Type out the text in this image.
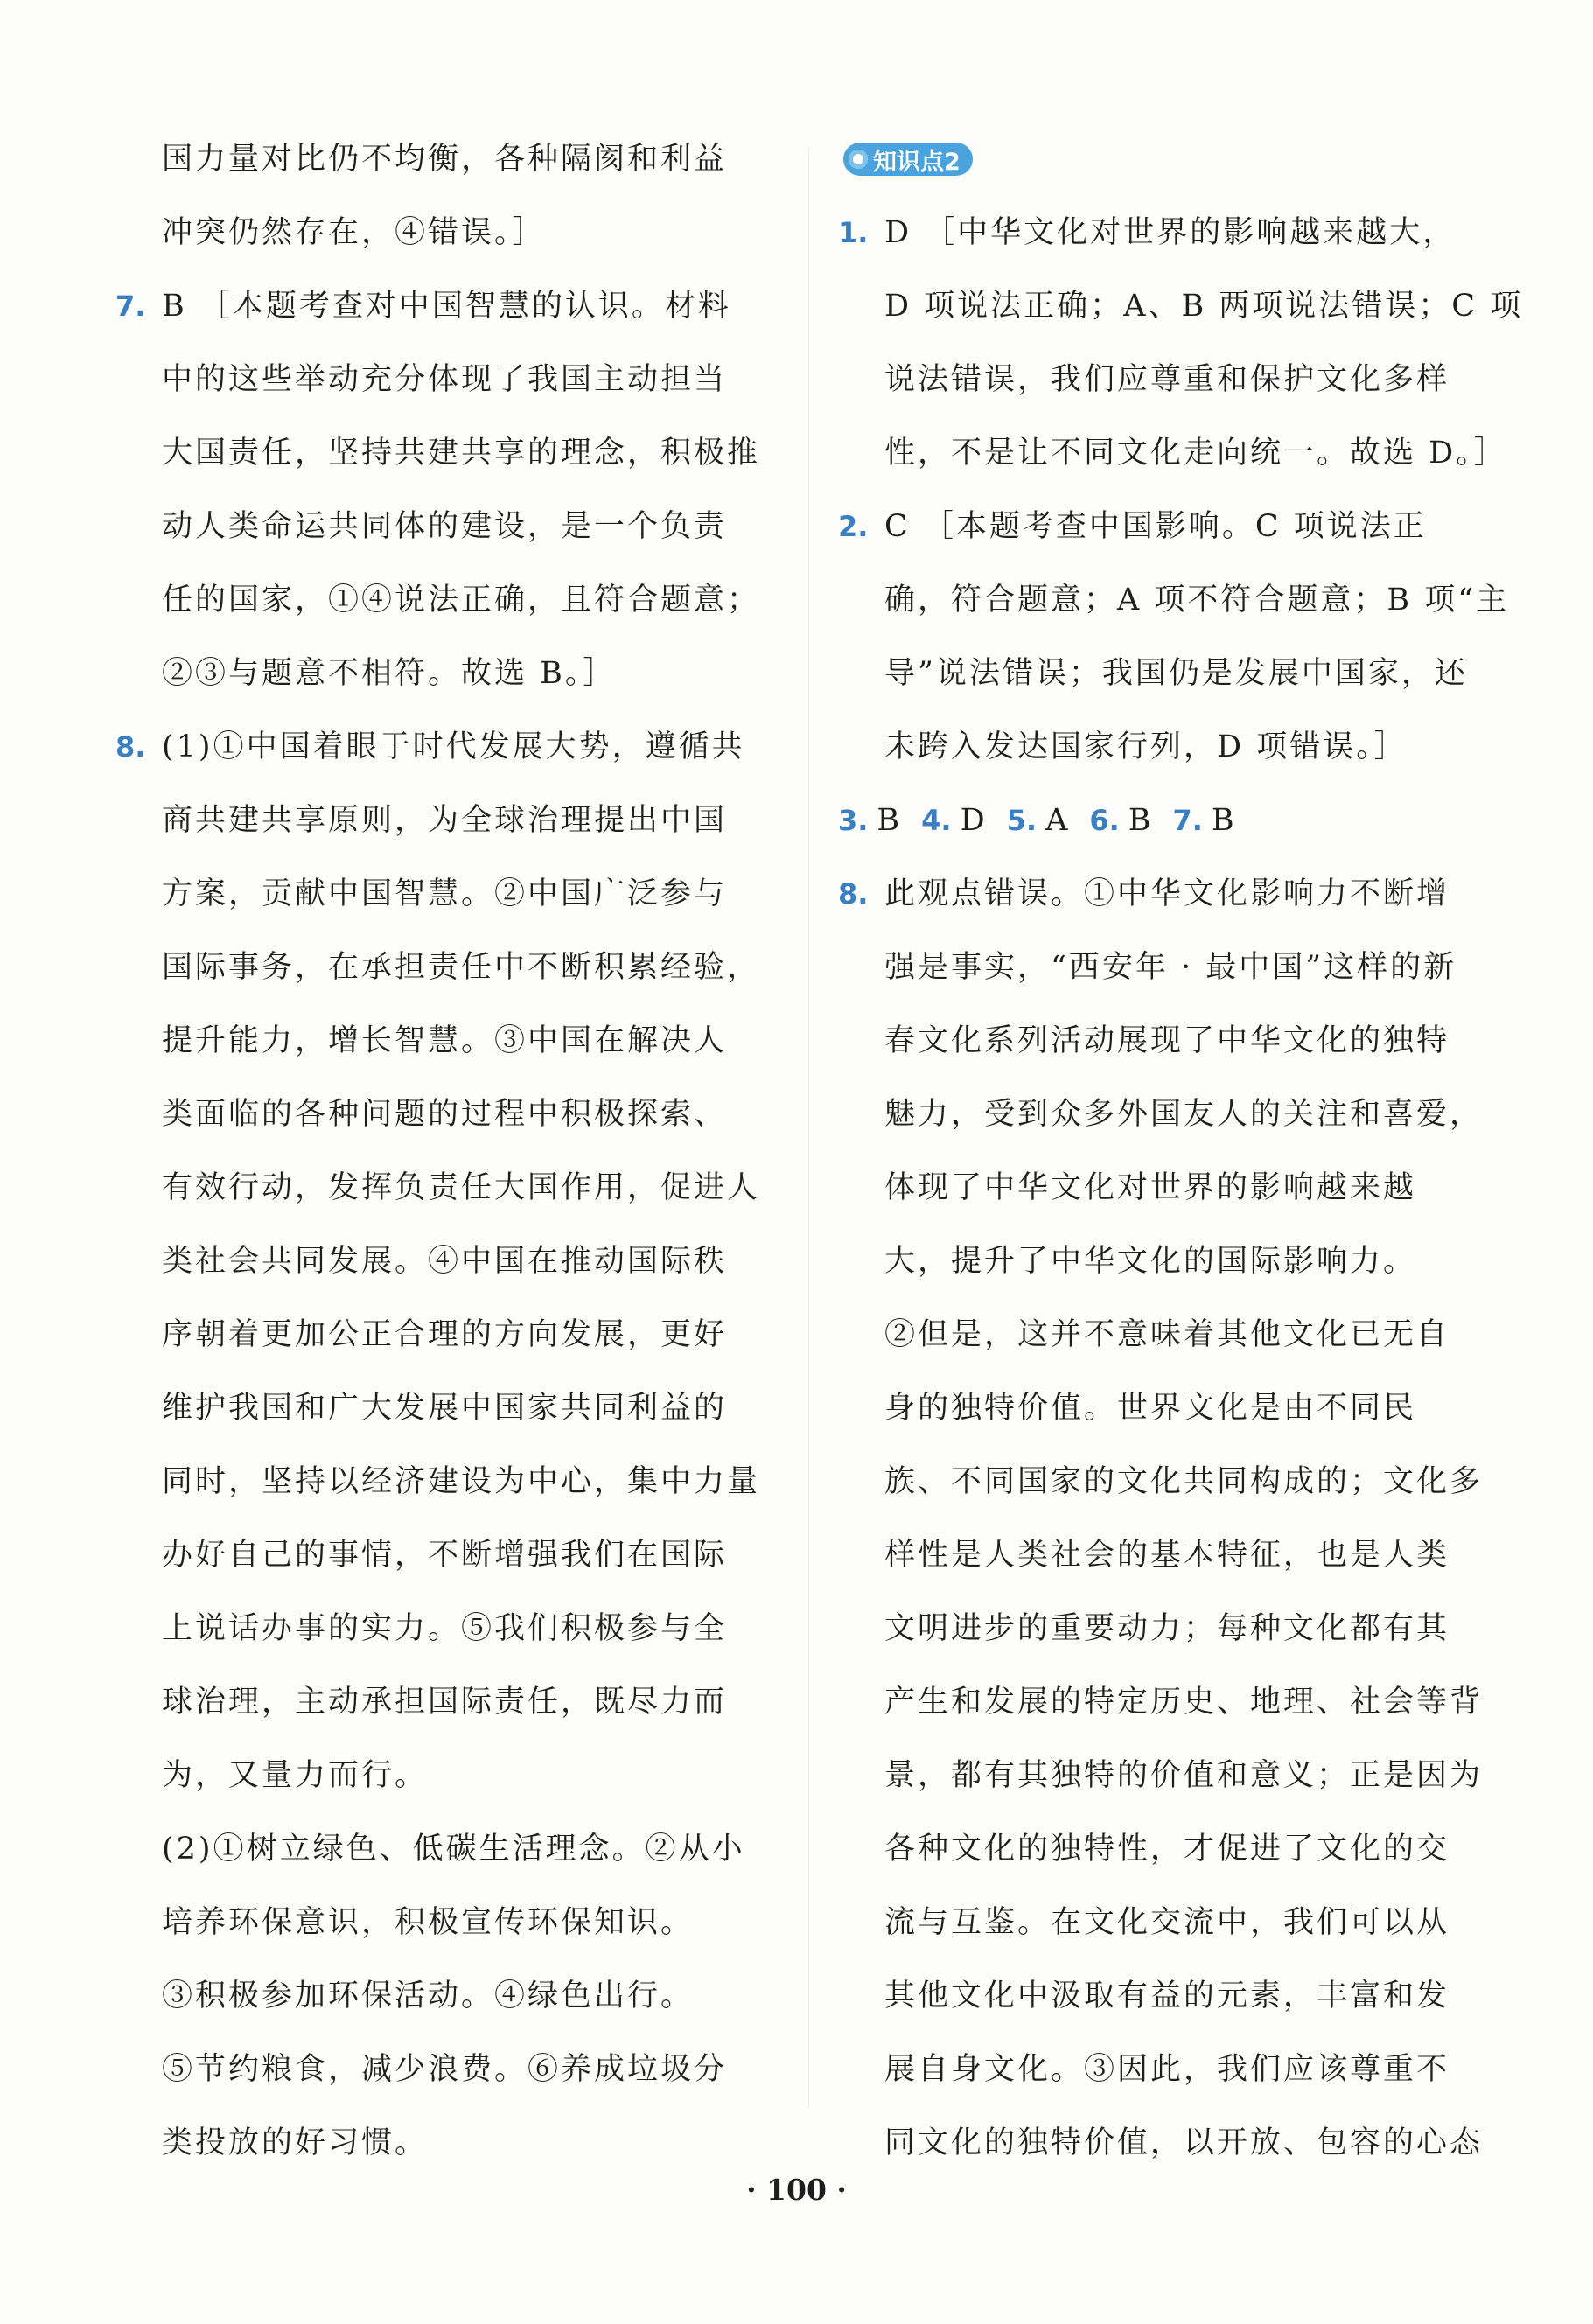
国力量对比仍不均衡，各种隔阂和利益
冲突仍然存在，④错误。］
7. B ［本题考查对中国智慧的认识。材料
中的这些举动充分体现了我国主动担当
大国责任，坚持共建共享的理念，积极推
动人类命运共同体的建设，是一个负责
任的国家，①④说法正确，且符合题意；
②③与题意不相符。故选 B。］
8. (1)①中国着眼于时代发展大势，遵循共
商共建共享原则，为全球治理提出中国
方案，贡献中国智慧。②中国广泛参与
国际事务，在承担责任中不断积累经验，
提升能力，增长智慧。③中国在解决人
类面临的各种问题的过程中积极探索、
有效行动，发挥负责任大国作用，促进人
类社会共同发展。④中国在推动国际秩
序朝着更加公正合理的方向发展，更好
维护我国和广大发展中国家共同利益的
同时，坚持以经济建设为中心，集中力量
办好自己的事情，不断增强我们在国际
上说话办事的实力。⑤我们积极参与全
球治理，主动承担国际责任，既尽力而
为，又量力而行。
(2)①树立绿色、低碳生活理念。②从小
培养环保意识，积极宣传环保知识。
③积极参加环保活动。④绿色出行。
⑤节约粮食，减少浪费。⑥养成垃圾分
类投放的好习惯。
知识点2
1. D ［中华文化对世界的影响越来越大，
D 项说法正确；A、B 两项说法错误；C 项
说法错误，我们应尊重和保护文化多样
性，不是让不同文化走向统一。故选 D。］
2. C ［本题考查中国影响。C 项说法正
确，符合题意；A 项不符合题意；B 项“主
导”说法错误；我国仍是发展中国家，还
未跨入发达国家行列，D 项错误。］
3. B 4. D 5. A 6. B 7. B
8. 此观点错误。①中华文化影响力不断增
强是事实，“西安年 · 最中国”这样的新
春文化系列活动展现了中华文化的独特
魅力，受到众多外国友人的关注和喜爱，
体现了中华文化对世界的影响越来越
大，提升了中华文化的国际影响力。
②但是，这并不意味着其他文化已无自
身的独特价值。世界文化是由不同民
族、不同国家的文化共同构成的；文化多
样性是人类社会的基本特征，也是人类
文明进步的重要动力；每种文化都有其
产生和发展的特定历史、地理、社会等背
景，都有其独特的价值和意义；正是因为
各种文化的独特性，才促进了文化的交
流与互鉴。在文化交流中，我们可以从
其他文化中汲取有益的元素，丰富和发
展自身文化。③因此，我们应该尊重不
同文化的独特价值，以开放、包容的心态
· 100 ·
